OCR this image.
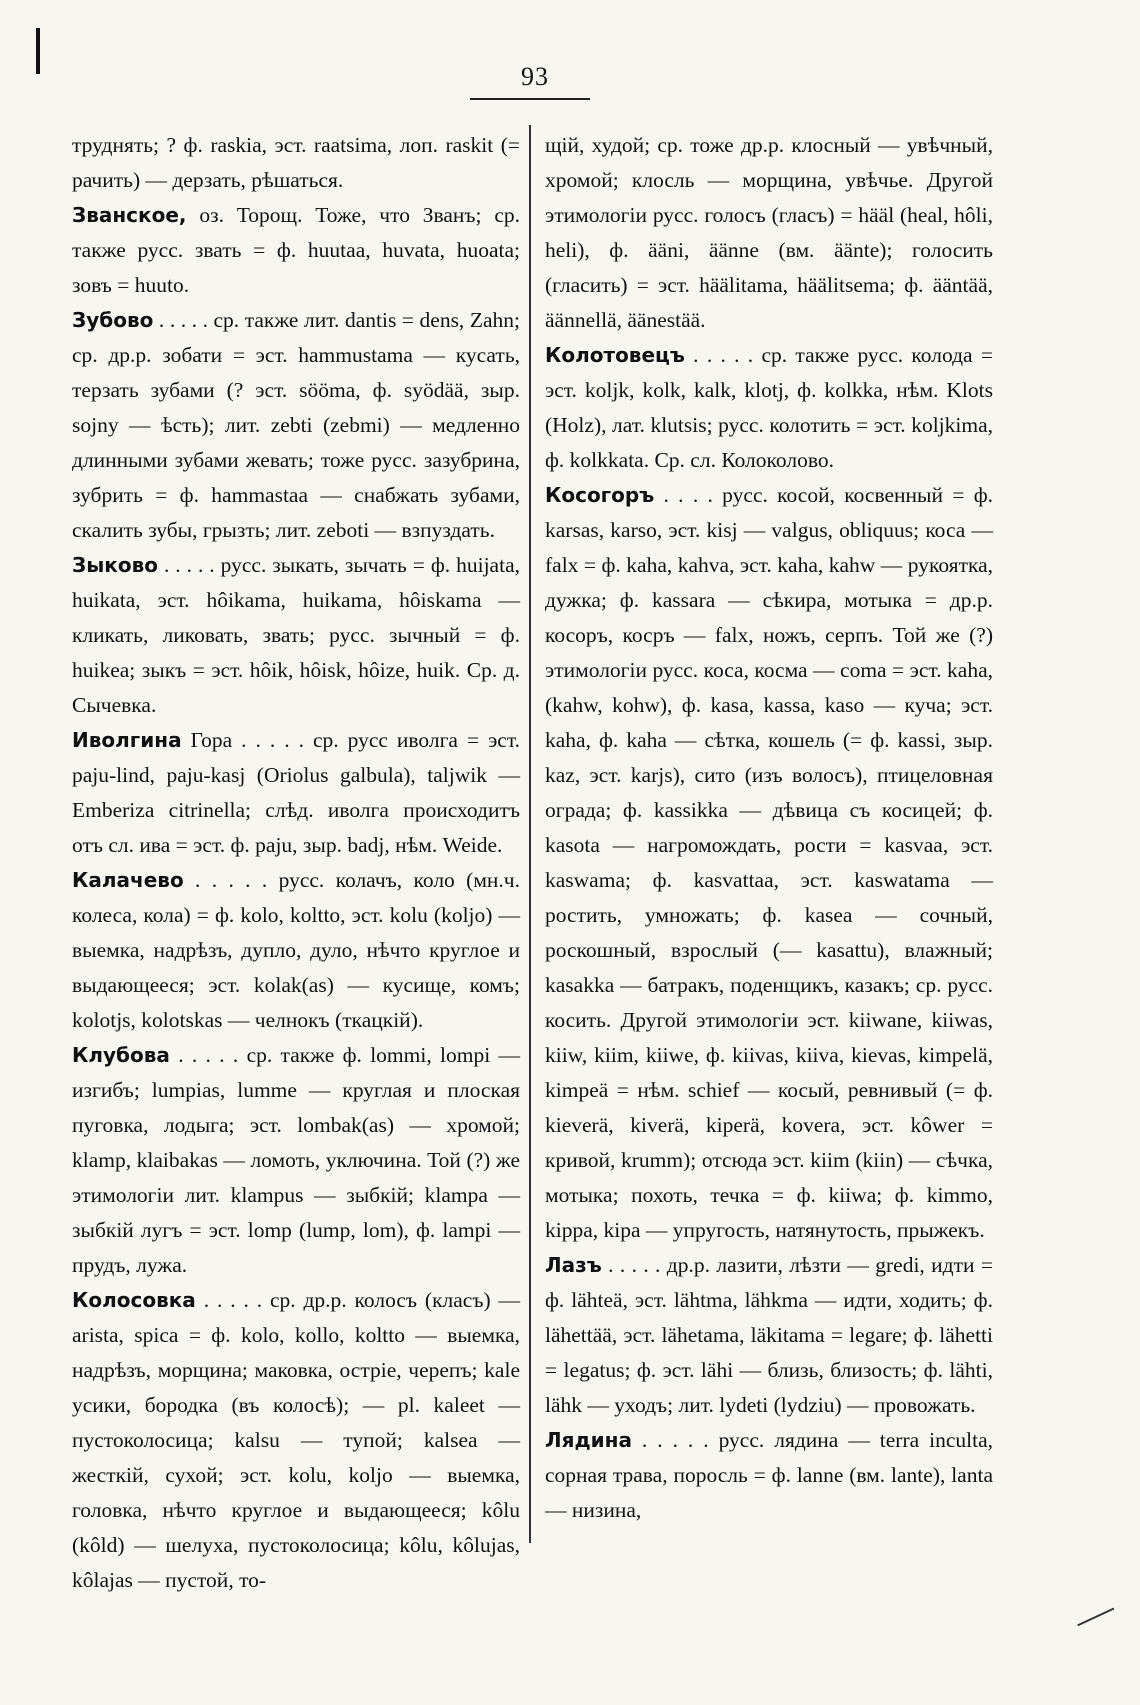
93

труднять; ? ф. raskia, эст. raatsima, лоп. raskit (= рачить) — дерзать, рѣшаться.

Званское, оз. Торощ. Тоже, что Званъ; ср. также русс. звать = ф. huutaa, huvata, huoata; зовъ = huuto.

Зубово . . . . . ср. также лит. dantis = dens, Zahn; ср. др.р. зобати = эст. hammustama — кусать, терзать зубами (? эст. sööma, ф. syödää, зыр. sojny — ѣсть); лит. zebti (zebmi) — медленно длинными зубами жевать; тоже русс. зазубрина, зубрить = ф. hammastaa — снабжать зубами, скалить зубы, грызть; лит. zeboti — взпуздать.

Зыково . . . . . русс. зыкать, зычать = ф. huijata, huikata, эст. hôikama, huikama, hôiskama — кликать, ликовать, звать; русс. зычный = ф. huikea; зыкъ = эст. hôik, hôisk, hôize, huik. Ср. д. Сычевка.

Иволгина Гора . . . . . ср. русс иволга = эст. paju-lind, paju-kasj (Oriolus galbula), taljwik — Emberiza citrinella; слѣд. иволга происходитъ отъ сл. ива = эст. ф. paju, зыр. badj, нѣм. Weide.

Калачево . . . . . русс. колачъ, коло (мн.ч. колеса, кола) = ф. kolo, koltto, эст. kolu (koljo) — выемка, надрѣзъ, дупло, дуло, нѣчто круглое и выдающееся; эст. kolak(as) — кусище, комъ; kolotjs, kolotskas — челнокъ (ткацкій).

Клубова . . . . . ср. также ф. lommi, lompi — изгибъ; lumpias, lumme — круглая и плоская пуговка, лодыга; эст. lombak(as) — хромой; klamp, klaibakas — ломоть, уключина. Той (?) же этимологіи лит. klampus — зыбкій; klampa — зыбкій лугъ = эст. lomp (lump, lom), ф. lampi — прудъ, лужа.

Колосовка . . . . . ср. др.р. колосъ (класъ) — arista, spica = ф. kolo, kollo, koltto — выемка, надрѣзъ, морщина; маковка, остріе, черепъ; kale усики, бородка (въ колосѣ); — pl. kaleet — пустоколосица; kalsu — тупой; kalsea — жесткій, сухой; эст. kolu, koljo — выемка, головка, нѣчто круглое и выдающееся; kôlu (kôld) — шелуха, пустоколосица; kôlu, kôlujas, kôlajas — пустой, то-

щій, худой; ср. тоже др.р. клосный — увѣчный, хромой; клосль — морщина, увѣчье. Другой этимологіи русс. голосъ (гласъ) = hääl (heal, hôli, heli), ф. ääni, äänne (вм. äänte); голосить (гласить) = эст. häälitama, häälitsema; ф. ääntää, äännellä, äänestää.

Колотовецъ . . . . . ср. также русс. колода = эст. koljk, kolk, kalk, klotj, ф. kolkka, нѣм. Klots (Holz), лат. klutsis; русс. колотить = эст. koljkima, ф. kolkkata. Ср. сл. Колоколово.

Косогоръ . . . . русс. косой, косвенный = ф. karsas, karso, эст. kisj — valgus, obliquus; коса — falx = ф. kaha, kahva, эст. kaha, kahw — рукоятка, дужка; ф. kassara — сѣкира, мотыка = др.р. косоръ, косръ — falx, ножъ, серпъ. Той же (?) этимологіи русс. коса, косма — coma = эст. kaha, (kahw, kohw), ф. kasa, kassa, kaso — куча; эст. kaha, ф. kaha — сѣтка, кошель (= ф. kassi, зыр. kaz, эст. karjs), сито (изъ волосъ), птицеловная ограда; ф. kassikka — дѣвица съ косицей; ф. kasota — нагромождать, рости = kasvaa, эст. kaswama; ф. kasvattaa, эст. kaswatama — ростить, умножать; ф. kasea — сочный, роскошный, взрослый (— kasattu), влажный; kasakka — батракъ, поденщикъ, казакъ; ср. русс. косить. Другой этимологіи эст. kiiwane, kiiwas, kiiw, kiim, kiiwe, ф. kiivas, kiiva, kievas, kimpelä, kimpeä = нѣм. schief — косый, ревнивый (= ф. kieverä, kiverä, kiperä, kovera, эст. kôwer = кривой, krumm); отсюда эст. kiim (kiin) — сѣчка, мотыка; похоть, течка = ф. kiiwa; ф. kimmo, kippa, kipa — упругость, натянутость, прыжекъ.

Лазъ . . . . . др.р. лазити, лѣзти — gredi, идти = ф. lähteä, эст. lähtma, lähkma — идти, ходить; ф. lähettää, эст. lähetama, läkitama = legare; ф. lähetti = legatus; ф. эст. lähi — близь, близость; ф. lähti, lähk — уходъ; лит. lydeti (lydziu) — провожать.

Лядина . . . . . русс. лядина — terra inculta, сорная трава, поросль = ф. lanne (вм. lante), lanta — низина,
